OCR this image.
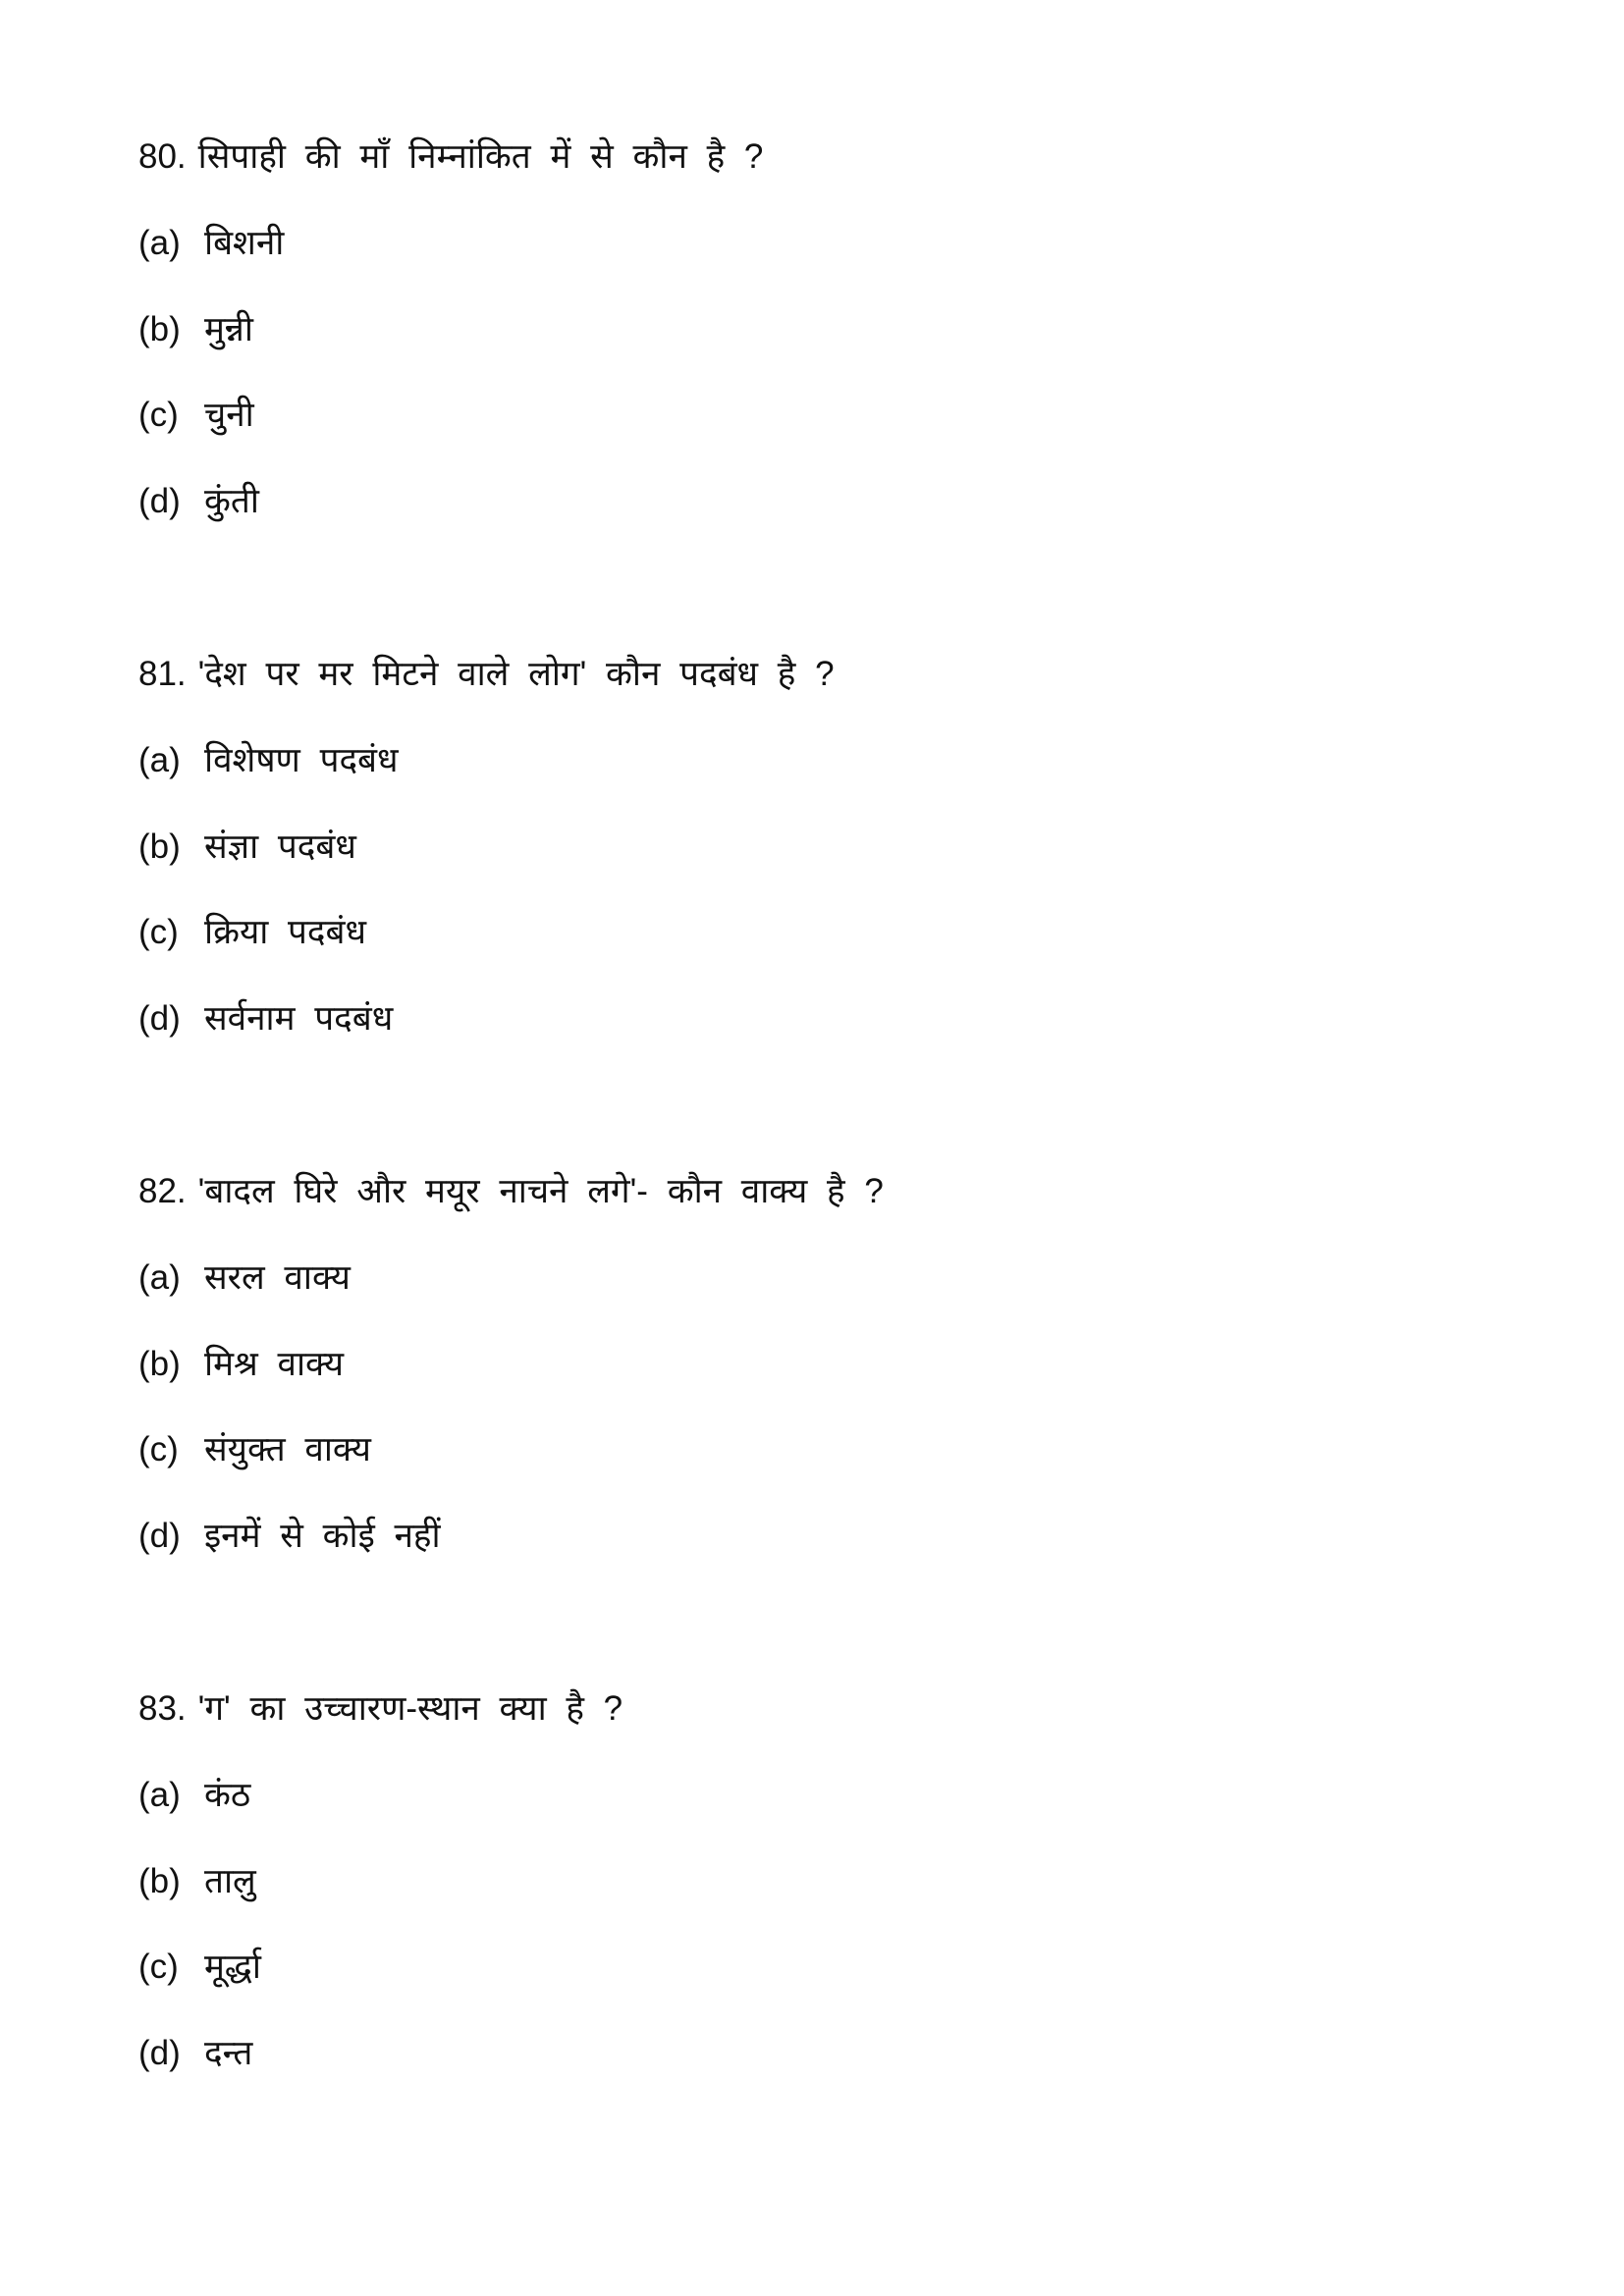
80. सिपाही की माँ निम्नांकित में से कौन है ?
(a) बिशनी
(b) मुन्नी
(c) चुनी
(d) कुंती
81. 'देश पर मर मिटने वाले लोग' कौन पदबंध है ?
(a) विशेषण पदबंध
(b) संज्ञा पदबंध
(c) क्रिया पदबंध
(d) सर्वनाम पदबंध
82. 'बादल घिरे और मयूर नाचने लगे'- कौन वाक्य है ?
(a) सरल वाक्य
(b) मिश्र वाक्य
(c) संयुक्त वाक्य
(d) इनमें से कोई नहीं
83. 'ग' का उच्चारण-स्थान क्या है ?
(a) कंठ
(b) तालु
(c) मूर्द्धा
(d) दन्त
